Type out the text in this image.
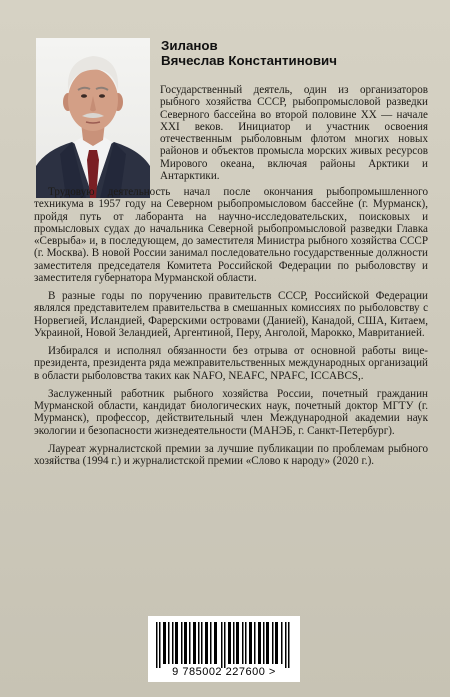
Зиланов
Вячеслав Константинович

Государственный деятель, один из организаторов рыбного хозяйства СССР, рыбопромысловой разведки Северного бассейна во второй половине XX — начале XXI веков. Инициатор и участник освоения отечественным рыболовным флотом многих новых районов и объектов промысла морских живых ресурсов Мирового океана, включая районы Арктики и Антарктики.

Трудовую деятельность начал после окончания рыбопромышленного техникума в 1957 году на Северном рыбопромысловом бассейне (г. Мурманск), пройдя путь от лаборанта на научно-исследовательских, поисковых и промысловых судах до начальника Северной рыбопромысловой разведки Главка «Севрыба» и, в последующем, до заместителя Министра рыбного хозяйства СССР (г. Москва). В новой России занимал последовательно государственные должности заместителя председателя Комитета Российской Федерации по рыболовству и заместителя губернатора Мурманской области.

В разные годы по поручению правительств СССР, Российской Федерации являлся представителем правительства в смешанных комиссиях по рыболовству с Норвегией, Исландией, Фарерскими островами (Данией), Канадой, США, Китаем, Украиной, Новой Зеландией, Аргентиной, Перу, Анголой, Марокко, Мавританией.

Избирался и исполнял обязанности без отрыва от основной работы вице-президента, президента ряда межправительственных международных организаций в области рыболовства таких как NAFO, NEAFC, NPAFC, ICCABCS,.

Заслуженный работник рыбного хозяйства России, почетный гражданин Мурманской области, кандидат биологических наук, почетный доктор МГТУ (г. Мурманск), профессор, действительный член Международной академии наук экологии и безопасности жизнедеятельности (МАНЭБ, г. Санкт-Петербург).

Лауреат журналистской премии за лучшие публикации по проблемам рыбного хозяйства (1994 г.) и журналистской премии «Слово к народу» (2020 г.).

9 785002 227600 >
